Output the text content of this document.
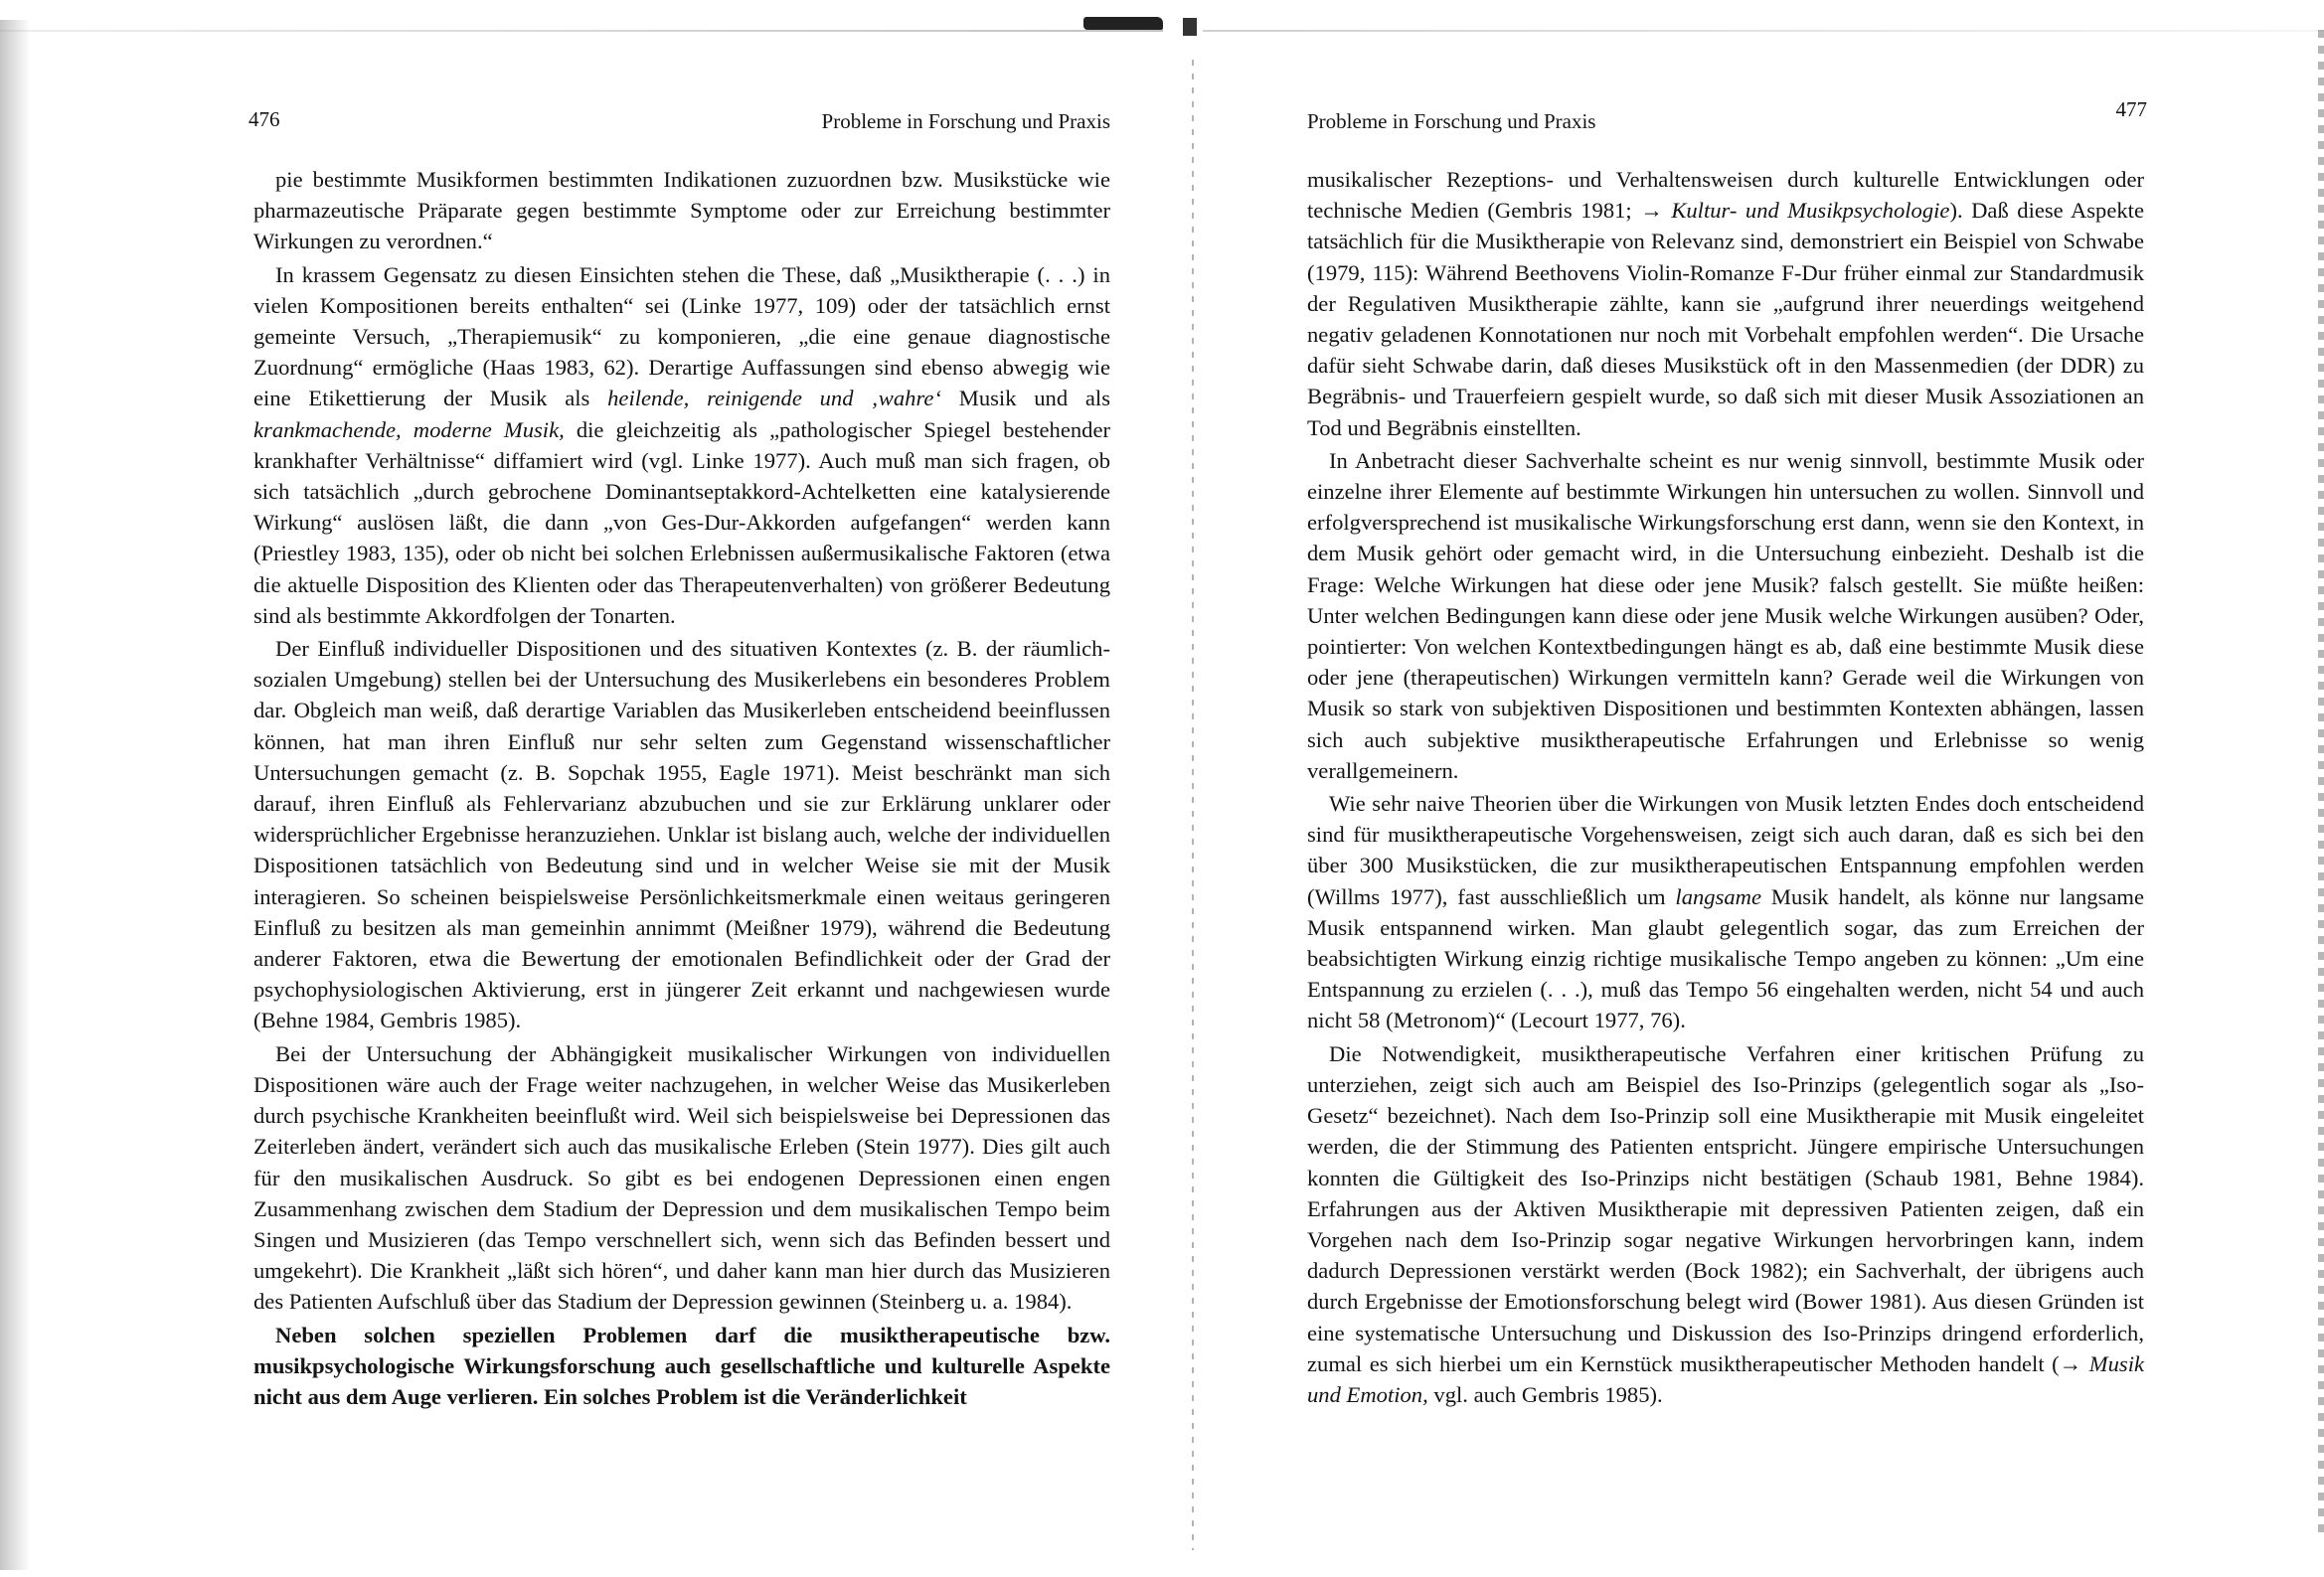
476	Probleme in Forschung und Praxis

pie bestimmte Musikformen bestimmten Indikationen zuzuordnen bzw. Musikstücke wie pharmazeutische Präparate gegen bestimmte Symptome oder zur Erreichung bestimmter Wirkungen zu verordnen.“

In krassem Gegensatz zu diesen Einsichten stehen die These, daß „Musiktherapie (. . .) in vielen Kompositionen bereits enthalten“ sei (Linke 1977, 109) oder der tatsächlich ernst gemeinte Versuch, „Therapiemusik“ zu komponieren, „die eine genaue diagnostische Zuordnung“ ermögliche (Haas 1983, 62). Derartige Auffassungen sind ebenso abwegig wie eine Etikettierung der Musik als heilende, reinigende und ‚wahre‘ Musik und als krankmachende, moderne Musik, die gleichzeitig als „pathologischer Spiegel bestehender krankhafter Verhältnisse“ diffamiert wird (vgl. Linke 1977). Auch muß man sich fragen, ob sich tatsächlich „durch gebrochene Dominantseptakkord-Achtelketten eine katalysierende Wirkung“ auslösen läßt, die dann „von Ges-Dur-Akkorden aufgefangen“ werden kann (Priestley 1983, 135), oder ob nicht bei solchen Erlebnissen außermusikalische Faktoren (etwa die aktuelle Disposition des Klienten oder das Therapeutenverhalten) von größerer Bedeutung sind als bestimmte Akkordfolgen der Tonarten.

Der Einfluß individueller Dispositionen und des situativen Kontextes (z. B. der räumlich-sozialen Umgebung) stellen bei der Untersuchung des Musikerlebens ein besonderes Problem dar. Obgleich man weiß, daß derartige Variablen das Musikerleben entscheidend beeinflussen können, hat man ihren Einfluß nur sehr selten zum Gegenstand wissenschaftlicher Untersuchungen gemacht (z. B. Sopchak 1955, Eagle 1971). Meist beschränkt man sich darauf, ihren Einfluß als Fehlervarianz abzubuchen und sie zur Erklärung unklarer oder widersprüchlicher Ergebnisse heranzuziehen. Unklar ist bislang auch, welche der individuellen Dispositionen tatsächlich von Bedeutung sind und in welcher Weise sie mit der Musik interagieren. So scheinen beispielsweise Persönlichkeitsmerkmale einen weitaus geringeren Einfluß zu besitzen als man gemeinhin annimmt (Meißner 1979), während die Bedeutung anderer Faktoren, etwa die Bewertung der emotionalen Befindlichkeit oder der Grad der psychophysiologischen Aktivierung, erst in jüngerer Zeit erkannt und nachgewiesen wurde (Behne 1984, Gembris 1985).

Bei der Untersuchung der Abhängigkeit musikalischer Wirkungen von individuellen Dispositionen wäre auch der Frage weiter nachzugehen, in welcher Weise das Musikerleben durch psychische Krankheiten beeinflußt wird. Weil sich beispielsweise bei Depressionen das Zeiterleben ändert, verändert sich auch das musikalische Erleben (Stein 1977). Dies gilt auch für den musikalischen Ausdruck. So gibt es bei endogenen Depressionen einen engen Zusammenhang zwischen dem Stadium der Depression und dem musikalischen Tempo beim Singen und Musizieren (das Tempo verschnellert sich, wenn sich das Befinden bessert und umgekehrt). Die Krankheit „läßt sich hören“, und daher kann man hier durch das Musizieren des Patienten Aufschluß über das Stadium der Depression gewinnen (Steinberg u. a. 1984).

Neben solchen speziellen Problemen darf die musiktherapeutische bzw. musikpsychologische Wirkungsforschung auch gesellschaftliche und kulturelle Aspekte nicht aus dem Auge verlieren. Ein solches Problem ist die Veränderlichkeit

Probleme in Forschung und Praxis	477

musikalischer Rezeptions- und Verhaltensweisen durch kulturelle Entwicklungen oder technische Medien (Gembris 1981; → Kultur- und Musikpsychologie). Daß diese Aspekte tatsächlich für die Musiktherapie von Relevanz sind, demonstriert ein Beispiel von Schwabe (1979, 115): Während Beethovens Violin-Romanze F-Dur früher einmal zur Standardmusik der Regulativen Musiktherapie zählte, kann sie „aufgrund ihrer neuerdings weitgehend negativ geladenen Konnotationen nur noch mit Vorbehalt empfohlen werden“. Die Ursache dafür sieht Schwabe darin, daß dieses Musikstück oft in den Massenmedien (der DDR) zu Begräbnis- und Trauerfeiern gespielt wurde, so daß sich mit dieser Musik Assoziationen an Tod und Begräbnis einstellten.

In Anbetracht dieser Sachverhalte scheint es nur wenig sinnvoll, bestimmte Musik oder einzelne ihrer Elemente auf bestimmte Wirkungen hin untersuchen zu wollen. Sinnvoll und erfolgversprechend ist musikalische Wirkungsforschung erst dann, wenn sie den Kontext, in dem Musik gehört oder gemacht wird, in die Untersuchung einbezieht. Deshalb ist die Frage: Welche Wirkungen hat diese oder jene Musik? falsch gestellt. Sie müßte heißen: Unter welchen Bedingungen kann diese oder jene Musik welche Wirkungen ausüben? Oder, pointierter: Von welchen Kontextbedingungen hängt es ab, daß eine bestimmte Musik diese oder jene (therapeutischen) Wirkungen vermitteln kann? Gerade weil die Wirkungen von Musik so stark von subjektiven Dispositionen und bestimmten Kontexten abhängen, lassen sich auch subjektive musiktherapeutische Erfahrungen und Erlebnisse so wenig verallgemeinern.

Wie sehr naive Theorien über die Wirkungen von Musik letzten Endes doch entscheidend sind für musiktherapeutische Vorgehensweisen, zeigt sich auch daran, daß es sich bei den über 300 Musikstücken, die zur musiktherapeutischen Entspannung empfohlen werden (Willms 1977), fast ausschließlich um langsame Musik handelt, als könne nur langsame Musik entspannend wirken. Man glaubt gelegentlich sogar, das zum Erreichen der beabsichtigten Wirkung einzig richtige musikalische Tempo angeben zu können: „Um eine Entspannung zu erzielen (. . .), muß das Tempo 56 eingehalten werden, nicht 54 und auch nicht 58 (Metronom)“ (Lecourt 1977, 76).

Die Notwendigkeit, musiktherapeutische Verfahren einer kritischen Prüfung zu unterziehen, zeigt sich auch am Beispiel des Iso-Prinzips (gelegentlich sogar als „Iso-Gesetz“ bezeichnet). Nach dem Iso-Prinzip soll eine Musiktherapie mit Musik eingeleitet werden, die der Stimmung des Patienten entspricht. Jüngere empirische Untersuchungen konnten die Gültigkeit des Iso-Prinzips nicht bestätigen (Schaub 1981, Behne 1984). Erfahrungen aus der Aktiven Musiktherapie mit depressiven Patienten zeigen, daß ein Vorgehen nach dem Iso-Prinzip sogar negative Wirkungen hervorbringen kann, indem dadurch Depressionen verstärkt werden (Bock 1982); ein Sachverhalt, der übrigens auch durch Ergebnisse der Emotionsforschung belegt wird (Bower 1981). Aus diesen Gründen ist eine systematische Untersuchung und Diskussion des Iso-Prinzips dringend erforderlich, zumal es sich hierbei um ein Kernstück musiktherapeutischer Methoden handelt (→ Musik und Emotion, vgl. auch Gembris 1985).
